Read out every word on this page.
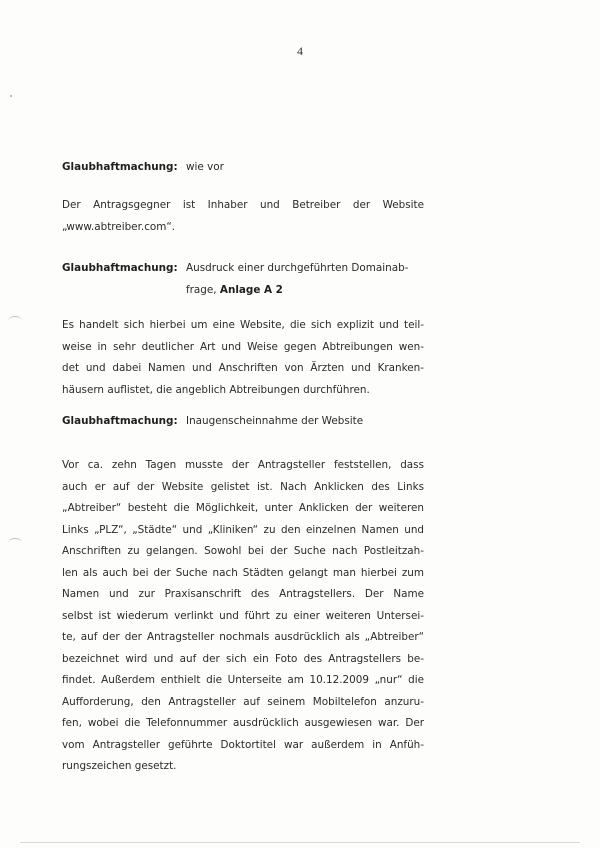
4
Glaubhaftmachung: wie vor
Der Antragsgegner ist Inhaber und Betreiber der Website
„www.abtreiber.com“.
Glaubhaftmachung: Ausdruck einer durchgeführten Domainab-
frage, Anlage A 2
Es handelt sich hierbei um eine Website, die sich explizit und teil-
weise in sehr deutlicher Art und Weise gegen Abtreibungen wen-
det und dabei Namen und Anschriften von Ärzten und Kranken-
häusern auflistet, die angeblich Abtreibungen durchführen.
Glaubhaftmachung: Inaugenscheinnahme der Website
Vor ca. zehn Tagen musste der Antragsteller feststellen, dass
auch er auf der Website gelistet ist. Nach Anklicken des Links
„Abtreiber“ besteht die Möglichkeit, unter Anklicken der weiteren
Links „PLZ“, „Städte“ und „Kliniken“ zu den einzelnen Namen und
Anschriften zu gelangen. Sowohl bei der Suche nach Postleitzah-
len als auch bei der Suche nach Städten gelangt man hierbei zum
Namen und zur Praxisanschrift des Antragstellers. Der Name
selbst ist wiederum verlinkt und führt zu einer weiteren Untersei-
te, auf der der Antragsteller nochmals ausdrücklich als „Abtreiber“
bezeichnet wird und auf der sich ein Foto des Antragstellers be-
findet. Außerdem enthielt die Unterseite am 10.12.2009 „nur“ die
Aufforderung, den Antragsteller auf seinem Mobiltelefon anzuru-
fen, wobei die Telefonnummer ausdrücklich ausgewiesen war. Der
vom Antragsteller geführte Doktortitel war außerdem in Anfüh-
rungszeichen gesetzt.
